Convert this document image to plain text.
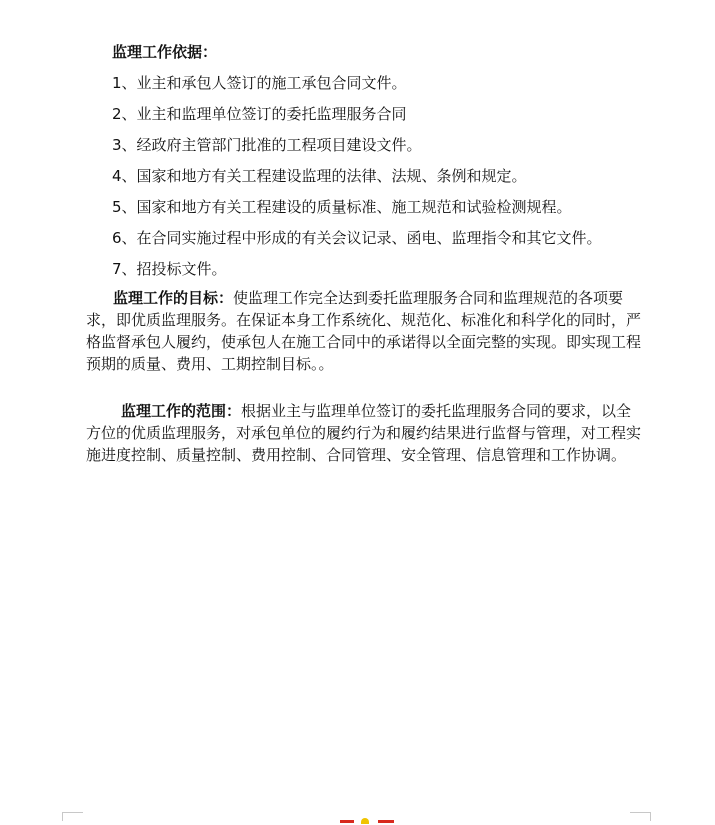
监理工作依据：
1、业主和承包人签订的施工承包合同文件。
2、业主和监理单位签订的委托监理服务合同
3、经政府主管部门批准的工程项目建设文件。
4、国家和地方有关工程建设监理的法律、法规、条例和规定。
5、国家和地方有关工程建设的质量标准、施工规范和试验检测规程。
6、在合同实施过程中形成的有关会议记录、函电、监理指令和其它文件。
7、招投标文件。

监理工作的目标：使监理工作完全达到委托监理服务合同和监理规范的各项要求，即优质监理服务。在保证本身工作系统化、规范化、标准化和科学化的同时，严格监督承包人履约，使承包人在施工合同中的承诺得以全面完整的实现。即实现工程预期的质量、费用、工期控制目标。。

监理工作的范围：根据业主与监理单位签订的委托监理服务合同的要求，以全方位的优质监理服务，对承包单位的履约行为和履约结果进行监督与管理，对工程实施进度控制、质量控制、费用控制、合同管理、安全管理、信息管理和工作协调。
